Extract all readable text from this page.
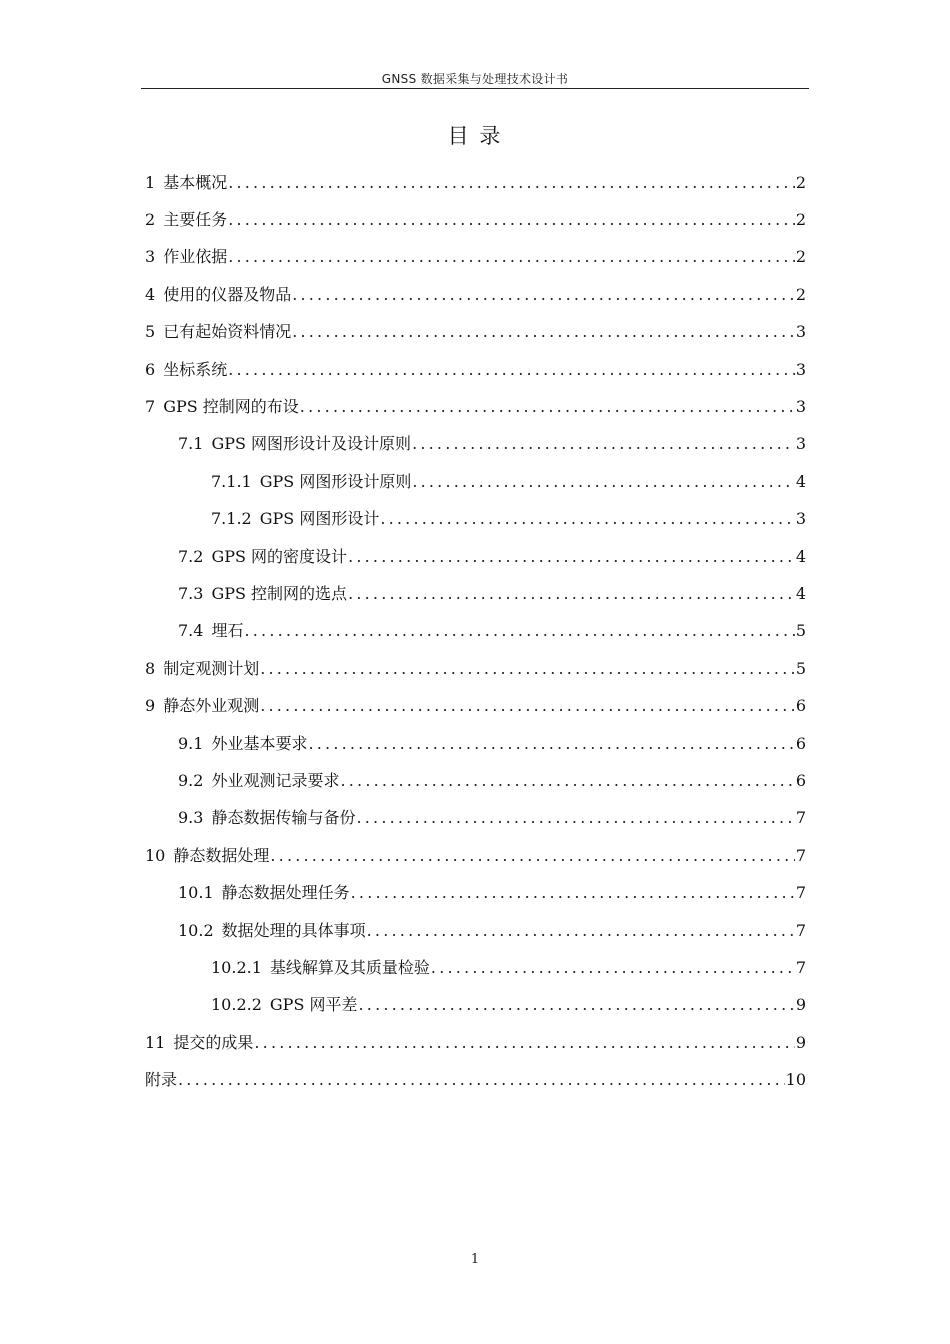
GNSS 数据采集与处理技术设计书
目 录
1 基本概况 .....	2
2 主要任务 .....	2
3 作业依据 .....	2
4 使用的仪器及物品 .....	2
5 已有起始资料情况 .....	3
6 坐标系统 .....	3
7 GPS 控制网的布设 .....	3
7.1 GPS 网图形设计及设计原则 .....	3
7.1.1 GPS 网图形设计原则 .....	4
7.1.2 GPS 网图形设计 .....	3
7.2 GPS 网的密度设计 .....	4
7.3 GPS 控制网的选点 .....	4
7.4 埋石 .....	5
8 制定观测计划 .....	5
9 静态外业观测 .....	6
9.1 外业基本要求 .....	6
9.2 外业观测记录要求 .....	6
9.3 静态数据传输与备份 .....	7
10 静态数据处理 .....	7
10.1 静态数据处理任务 .....	7
10.2 数据处理的具体事项 .....	7
10.2.1 基线解算及其质量检验 .....	7
10.2.2 GPS 网平差 .....	9
11 提交的成果 .....	9
附录 .....	10
1
